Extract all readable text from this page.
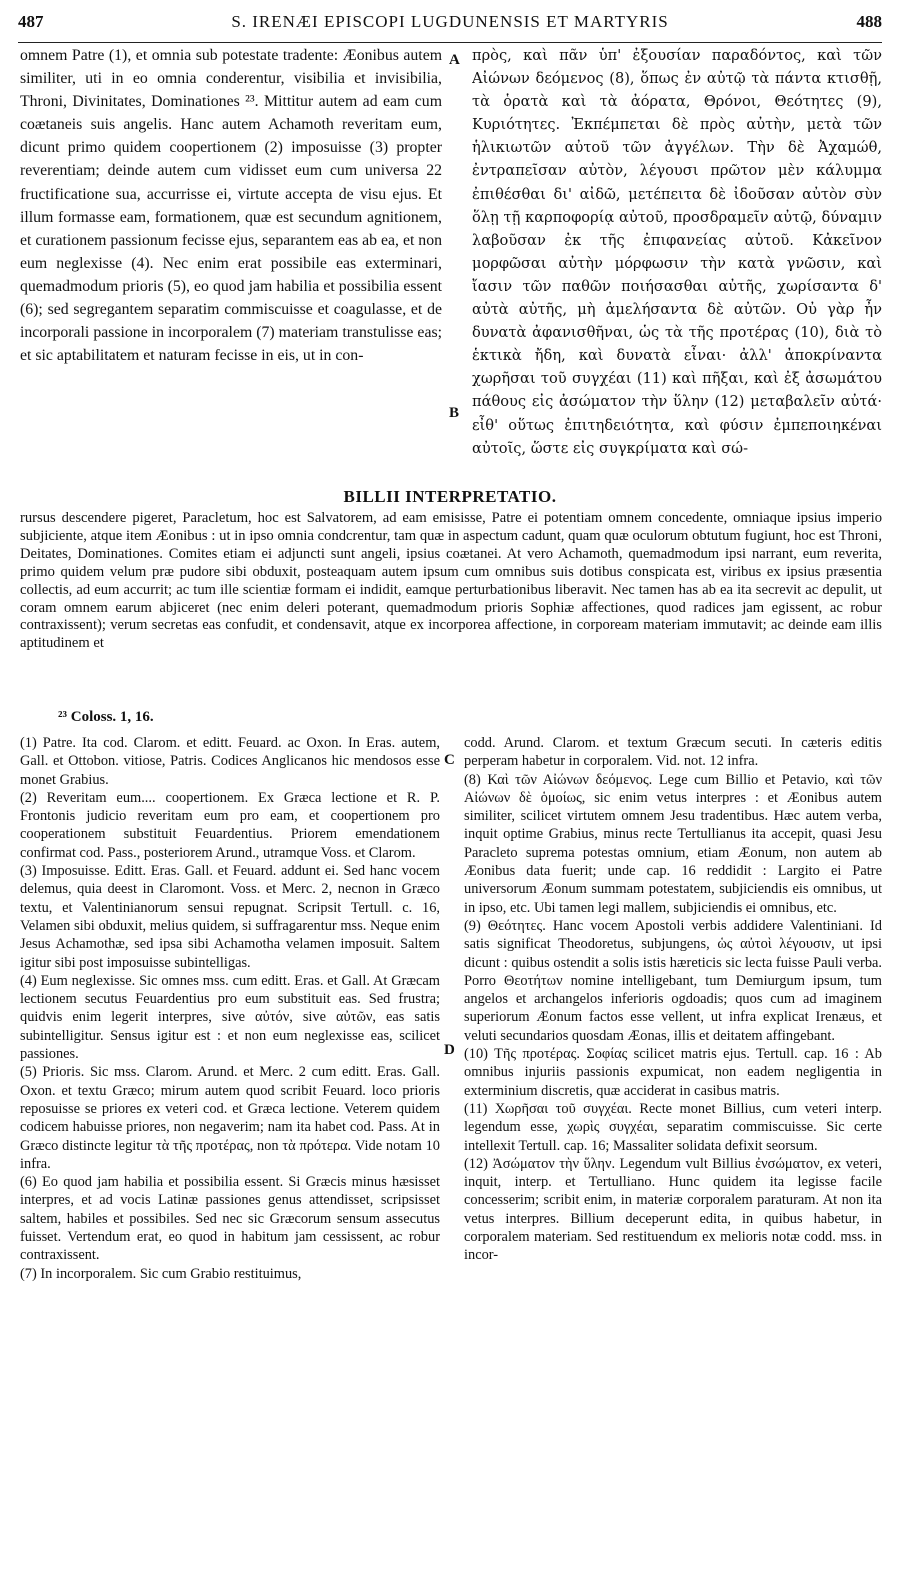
487	S. IRENÆI EPISCOPI LUGDUNENSIS ET MARTYRIS	488

omnem Patre (1), et omnia sub potestate tradente: Æonibus autem similiter, uti in eo omnia conderentur, visibilia et invisibilia, Throni, Divinitates, Dominationes ²³. Mittitur autem ad eam cum coætaneis suis angelis. Hanc autem Achamoth reveritam eum, dicunt primo quidem coopertionem (2) imposuisse (3) propter reverentiam; deinde autem cum vidisset eum cum universa 22 fructificatione sua, accurrisse ei, virtute accepta de visu ejus. Et illum formasse eam, formationem, quæ est secundum agnitionem, et curationem passionum fecisse ejus, separantem eas ab ea, et non eum neglexisse (4). Nec enim erat possibile eas exterminari, quemadmodum prioris (5), eo quod jam habilia et possibilia essent (6); sed segregantem separatim commiscuisse et coagulasse, et de incorporali passione in incorporalem (7) materiam transtulisse eas; et sic aptabilitatem et naturam fecisse in eis, ut in con-

A
B

πρὸς, καὶ πᾶν ὑπ' ἐξουσίαν παραδόντος, καὶ τῶν Αἰώνων δεόμενος (8), ὅπως ἐν αὐτῷ τὰ πάντα κτισθῇ, τὰ ὁρατὰ καὶ τὰ ἀόρατα, Θρόνοι, Θεότητες (9), Κυριότητες. Ἐκπέμπεται δὲ πρὸς αὐτὴν, μετὰ τῶν ἡλικιωτῶν αὐτοῦ τῶν ἀγγέλων. Τὴν δὲ Ἀχαμώθ, ἐντραπεῖσαν αὐτὸν, λέγουσι πρῶτον μὲν κάλυμμα ἐπιθέσθαι δι' αἰδῶ, μετέπειτα δὲ ἰδοῦσαν αὐτὸν σὺν ὅλῃ τῇ καρποφορίᾳ αὐτοῦ, προσδραμεῖν αὐτῷ, δύναμιν λαβοῦσαν ἐκ τῆς ἐπιφανείας αὐτοῦ. Κἀκεῖνον μορφῶσαι αὐτὴν μόρφωσιν τὴν κατὰ γνῶσιν, καὶ ἴασιν τῶν παθῶν ποιήσασθαι αὐτῆς, χωρίσαντα δ' αὐτὰ αὐτῆς, μὴ ἀμελήσαντα δὲ αὐτῶν. Οὐ γὰρ ἦν δυνατὰ ἀφανισθῆναι, ὡς τὰ τῆς προτέρας (10), διὰ τὸ ἑκτικὰ ἤδη, καὶ δυνατὰ εἶναι· ἀλλ' ἀποκρίναντα χωρῆσαι τοῦ συγχέαι (11) καὶ πῆξαι, καὶ ἐξ ἀσωμάτου πάθους εἰς ἀσώματον τὴν ὕλην (12) μεταβαλεῖν αὐτά· εἶθ' οὕτως ἐπιτηδειότητα, καὶ φύσιν ἐμπεποιηκέναι αὐτοῖς, ὥστε εἰς συγκρίματα καὶ σώ-

BILLII INTERPRETATIO.

rursus descendere pigeret, Paracletum, hoc est Salvatorem, ad eam emisisse, Patre ei potentiam omnem concedente, omniaque ipsius imperio subjiciente, atque item Æonibus : ut in ipso omnia condcrentur, tam quæ in aspectum cadunt, quam quæ oculorum obtutum fugiunt, hoc est Throni, Deitates, Dominationes. Comites etiam ei adjuncti sunt angeli, ipsius coætanei. At vero Achamoth, quemadmodum ipsi narrant, eum reverita, primo quidem velum præ pudore sibi obduxit, posteaquam autem ipsum cum omnibus suis dotibus conspicata est, viribus ex ipsius præsentia collectis, ad eum accurrit; ac tum ille scientiæ formam ei indidit, eamque perturbationibus liberavit. Nec tamen has ab ea ita secrevit ac depulit, ut coram omnem earum abjiceret (nec enim deleri poterant, quemadmodum prioris Sophiæ affectiones, quod radices jam egissent, ac robur contraxissent); verum secretas eas confudit, et condensavit, atque ex incorporea affectione, in corpoream materiam immutavit; ac deinde eam illis aptitudinem et

²³ Coloss. 1, 16.

(1) Patre. Ita cod. Clarom. et editt. Feuard. ac Oxon. In Eras. autem, Gall. et Ottobon. vitiose, Patris. Codices Anglicanos hic mendosos esse monet Grabius.

(2) Reveritam eum.... coopertionem. Ex Græca lectione et R. P. Frontonis judicio reveritam eum pro eam, et coopertionem pro cooperationem substituit Feuardentius. Priorem emendationem confirmat cod. Pass., posteriorem Arund., utramque Voss. et Clarom.

(3) Imposuisse. Editt. Eras. Gall. et Feuard. addunt ei. Sed hanc vocem delemus, quia deest in Claromont. Voss. et Merc. 2, necnon in Græco textu, et Valentinianorum sensui repugnat. Scripsit Tertull. c. 16, Velamen sibi obduxit, melius quidem, si suffragarentur mss. Neque enim Jesus Achamothæ, sed ipsa sibi Achamotha velamen imposuit. Saltem igitur sibi post imposuisse subintelligas.

(4) Eum neglexisse. Sic omnes mss. cum editt. Eras. et Gall. At Græcam lectionem secutus Feuardentius pro eum substituit eas. Sed frustra; quidvis enim legerit interpres, sive αὐτόν, sive αὐτῶν, eas satis subintelligitur. Sensus igitur est : et non eum neglexisse eas, scilicet passiones.

(5) Prioris. Sic mss. Clarom. Arund. et Merc. 2 cum editt. Eras. Gall. Oxon. et textu Græco; mirum autem quod scribit Feuard. loco prioris reposuisse se priores ex veteri cod. et Græca lectione. Veterem quidem codicem habuisse priores, non negaverim; nam ita habet cod. Pass. At in Græco distincte legitur τὰ τῆς προτέρας, non τὰ πρότερα. Vide notam 10 infra.

(6) Eo quod jam habilia et possibilia essent. Si Græcis minus hæsisset interpres, et ad vocis Latinæ passiones genus attendisset, scripsisset saltem, habiles et possibiles. Sed nec sic Græcorum sensum assecutus fuisset. Vertendum erat, eo quod in habitum jam cessissent, ac robur contraxissent.

(7) In incorporalem. Sic cum Grabio restituimus,

C
D

codd. Arund. Clarom. et textum Græcum secuti. In cæteris editis perperam habetur in corporalem. Vid. not. 12 infra.

(8) Καὶ τῶν Αἰώνων δεόμενος. Lege cum Billio et Petavio, καὶ τῶν Αἰώνων δὲ ὁμοίως, sic enim vetus interpres : et Æonibus autem similiter, scilicet virtutem omnem Jesu tradentibus. Hæc autem verba, inquit optime Grabius, minus recte Tertullianus ita accepit, quasi Jesu Paracleto suprema potestas omnium, etiam Æonum, non autem ab Æonibus data fuerit; unde cap. 16 reddidit : Largito ei Patre universorum Æonum summam potestatem, subjiciendis eis omnibus, ut in ipso, etc. Ubi tamen legi mallem, subjiciendis ei omnibus, etc.

(9) Θεότητες. Hanc vocem Apostoli verbis addidere Valentiniani. Id satis significat Theodoretus, subjungens, ὡς αὐτοὶ λέγουσιν, ut ipsi dicunt : quibus ostendit a solis istis hæreticis sic lecta fuisse Pauli verba. Porro Θεοτήτων nomine intelligebant, tum Demiurgum ipsum, tum angelos et archangelos inferioris ogdoadis; quos cum ad imaginem superiorum Æonum factos esse vellent, ut infra explicat Irenæus, et veluti secundarios quosdam Æonas, illis et deitatem affingebant.

(10) Τῆς προτέρας. Σοφίας scilicet matris ejus. Tertull. cap. 16 : Ab omnibus injuriis passionis expumicat, non eadem negligentia in exterminium discretis, quæ acciderat in casibus matris.

(11) Χωρῆσαι τοῦ συγχέαι. Recte monet Billius, cum veteri interp. legendum esse, χωρὶς συγχέαι, separatim commiscuisse. Sic certe intellexit Tertull. cap. 16; Massaliter solidata defixit seorsum.

(12) Ἀσώματον τὴν ὕλην. Legendum vult Billius ἐνσώματον, ex veteri, inquit, interp. et Tertulliano. Hunc quidem ita legisse facile concesserim; scribit enim, in materiæ corporalem paraturam. At non ita vetus interpres. Billium deceperunt edita, in quibus habetur, in corporalem materiam. Sed restituendum ex melioris notæ codd. mss. in incor-
